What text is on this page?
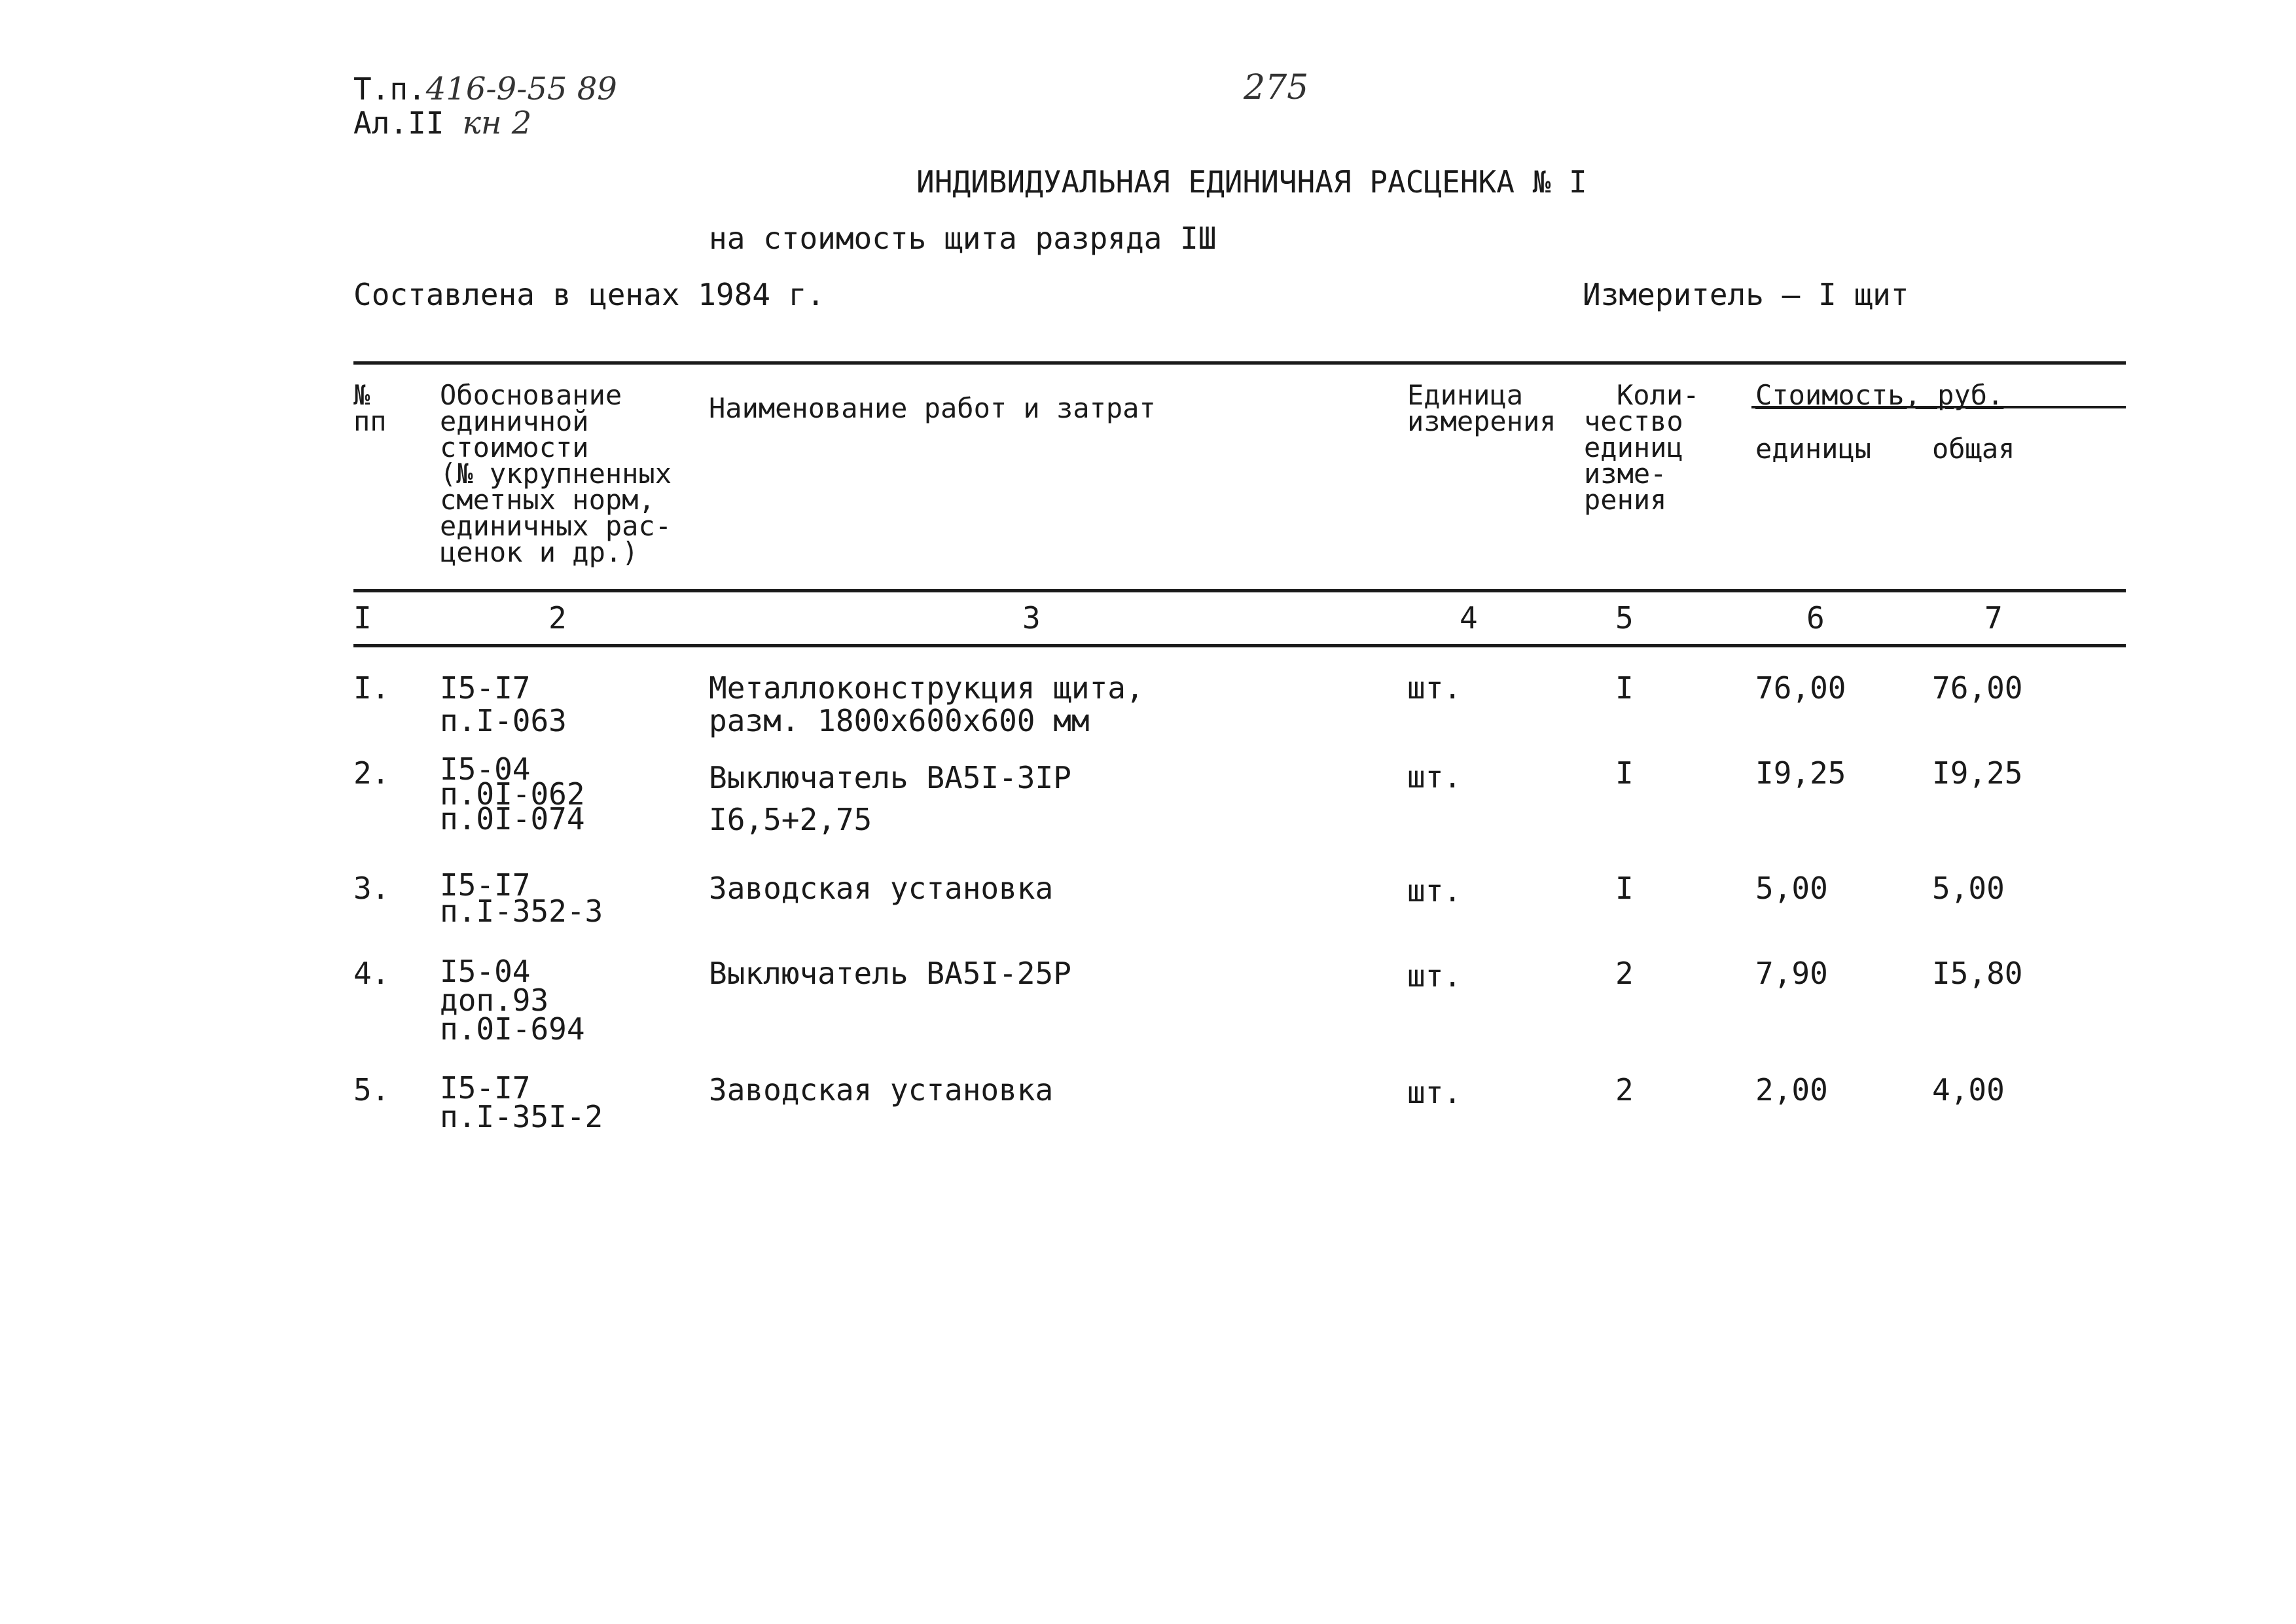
Т.п.416-9-55 89
Ал.II кн 2
275
ИНДИВИДУАЛЬНАЯ ЕДИНИЧНАЯ РАСЦЕНКА № I
на стоимость щита разряда IШ
Составлена в ценах 1984 г.	Измеритель – I щит
№
пп
Обоснование
единичной
стоимости
(№ укрупненных
сметных норм,
единичных рас-
ценок и др.)
Наименование работ и затрат	Единица
измерения
Коли-
чество
единиц
изме-
рения
Стоимость, руб.
единицы общая
I	2	3	4	5	6	7
I. I5-I7
п.I-063
Металлоконструкция щита,
разм. 1800х600х600 мм
шт.	I	76,00	76,00
2. I5-04
п.0I-062
п.0I-074
Выключатель ВА5I-3IР
I6,5+2,75
шт.	I	I9,25	I9,25
3. I5-I7
п.I-352-3
Заводская установка	шт.	I	5,00	5,00
4. I5-04
доп.93
п.0I-694
Выключатель ВА5I-25Р	шт.	2	7,90	I5,80
5. I5-I7
п.I-35I-2
Заводская установка	шт.	2	2,00	4,00
